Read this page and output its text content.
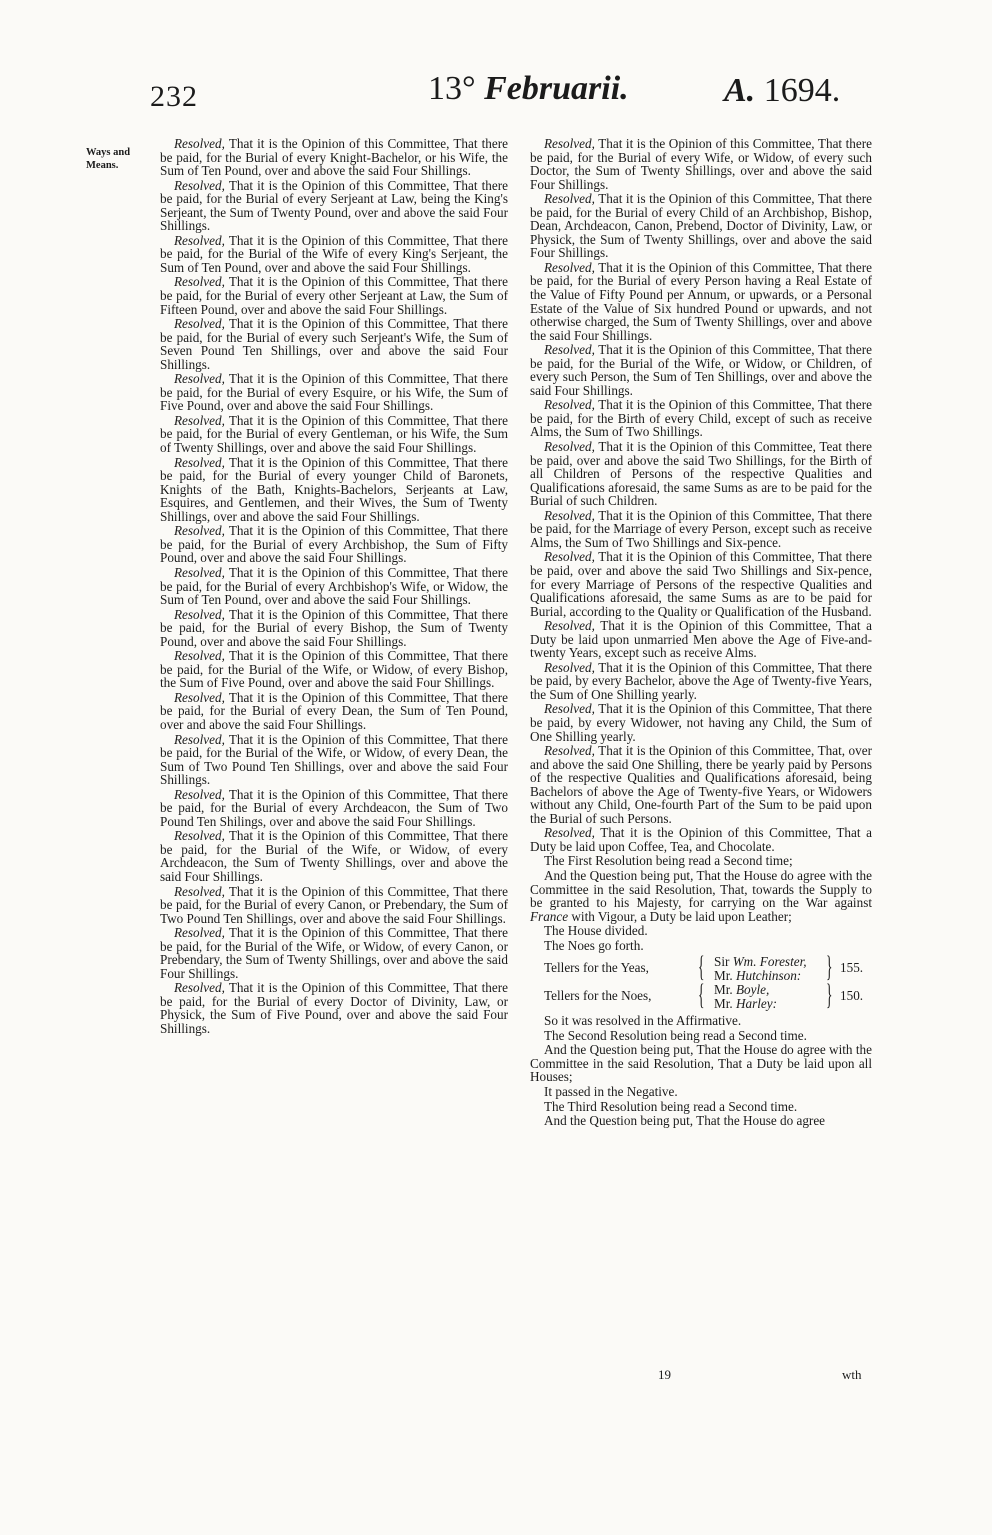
232	13° Februarii.	A. 1694.
Ways and Means.

Resolved, That it is the Opinion of this Committee, That there be paid, for the Burial of every Knight-Bachelor, or his Wife, the Sum of Ten Pound, over and above the said Four Shillings.

Resolved, That it is the Opinion of this Committee, That there be paid, for the Burial of every Serjeant at Law, being the King's Serjeant, the Sum of Twenty Pound, over and above the said Four Shillings.

Resolved, That it is the Opinion of this Committee, That there be paid, for the Burial of the Wife of every King's Serjeant, the Sum of Ten Pound, over and above the said Four Shillings.

Resolved, That it is the Opinion of this Committee, That there be paid, for the Burial of every other Serjeant at Law, the Sum of Fifteen Pound, over and above the said Four Shillings.

Resolved, That it is the Opinion of this Committee, That there be paid, for the Burial of every such Serjeant's Wife, the Sum of Seven Pound Ten Shillings, over and above the said Four Shillings.

Resolved, That it is the Opinion of this Committee, That there be paid, for the Burial of every Esquire, or his Wife, the Sum of Five Pound, over and above the said Four Shillings.

Resolved, That it is the Opinion of this Committee, That there be paid, for the Burial of every Gentleman, or his Wife, the Sum of Twenty Shillings, over and above the said Four Shillings.

Resolved, That it is the Opinion of this Committee, That there be paid, for the Burial of every younger Child of Baronets, Knights of the Bath, Knights-Bachelors, Serjeants at Law, Esquires, and Gentlemen, and their Wives, the Sum of Twenty Shillings, over and above the said Four Shillings.

Resolved, That it is the Opinion of this Committee, That there be paid, for the Burial of every Archbishop, the Sum of Fifty Pound, over and above the said Four Shillings.

Resolved, That it is the Opinion of this Committee, That there be paid, for the Burial of every Archbishop's Wife, or Widow, the Sum of Ten Pound, over and above the said Four Shillings.

Resolved, That it is the Opinion of this Committee, That there be paid, for the Burial of every Bishop, the Sum of Twenty Pound, over and above the said Four Shillings.

Resolved, That it is the Opinion of this Committee, That there be paid, for the Burial of the Wife, or Widow, of every Bishop, the Sum of Five Pound, over and above the said Four Shillings.

Resolved, That it is the Opinion of this Committee, That there be paid, for the Burial of every Dean, the Sum of Ten Pound, over and above the said Four Shillings.

Resolved, That it is the Opinion of this Committee, That there be paid, for the Burial of the Wife, or Widow, of every Dean, the Sum of Two Pound Ten Shillings, over and above the said Four Shillings.

Resolved, That it is the Opinion of this Committee, That there be paid, for the Burial of every Archdeacon, the Sum of Two Pound Ten Shilings, over and above the said Four Shillings.

Resolved, That it is the Opinion of this Committee, That there be paid, for the Burial of the Wife, or Widow, of every Archdeacon, the Sum of Twenty Shillings, over and above the said Four Shillings.

Resolved, That it is the Opinion of this Committee, That there be paid, for the Burial of every Canon, or Prebendary, the Sum of Two Pound Ten Shillings, over and above the said Four Shillings.

Resolved, That it is the Opinion of this Committee, That there be paid, for the Burial of the Wife, or Widow, of every Canon, or Prebendary, the Sum of Twenty Shillings, over and above the said Four Shillings.

Resolved, That it is the Opinion of this Committee, That there be paid, for the Burial of every Doctor of Divinity, Law, or Physick, the Sum of Five Pound, over and above the said Four Shillings.

Resolved, That it is the Opinion of this Committee, That there be paid, for the Burial of every Wife, or Widow, of every such Doctor, the Sum of Twenty Shillings, over and above the said Four Shillings.

Resolved, That it is the Opinion of this Committee, That there be paid, for the Burial of every Child of an Archbishop, Bishop, Dean, Archdeacon, Canon, Prebend, Doctor of Divinity, Law, or Physick, the Sum of Twenty Shillings, over and above the said Four Shillings.

Resolved, That it is the Opinion of this Committee, That there be paid, for the Burial of every Person having a Real Estate of the Value of Fifty Pound per Annum, or upwards, or a Personal Estate of the Value of Six hundred Pound or upwards, and not otherwise charged, the Sum of Twenty Shillings, over and above the said Four Shillings.

Resolved, That it is the Opinion of this Committee, That there be paid, for the Burial of the Wife, or Widow, or Children, of every such Person, the Sum of Ten Shillings, over and above the said Four Shillings.

Resolved, That it is the Opinion of this Committee, That there be paid, for the Birth of every Child, except of such as receive Alms, the Sum of Two Shillings.

Resolved, That it is the Opinion of this Committee, Teat there be paid, over and above the said Two Shillings, for the Birth of all Children of Persons of the respective Qualities and Qualifications aforesaid, the same Sums as are to be paid for the Burial of such Children.

Resolved, That it is the Opinion of this Committee, That there be paid, for the Marriage of every Person, except such as receive Alms, the Sum of Two Shillings and Six-pence.

Resolved, That it is the Opinion of this Committee, That there be paid, over and above the said Two Shillings and Six-pence, for every Marriage of Persons of the respective Qualities and Qualifications aforesaid, the same Sums as are to be paid for Burial, according to the Quality or Qualification of the Husband.

Resolved, That it is the Opinion of this Committee, That a Duty be laid upon unmarried Men above the Age of Five-and-twenty Years, except such as receive Alms.

Resolved, That it is the Opinion of this Committee, That there be paid, by every Bachelor, above the Age of Twenty-five Years, the Sum of One Shilling yearly.

Resolved, That it is the Opinion of this Committee, That there be paid, by every Widower, not having any Child, the Sum of One Shilling yearly.

Resolved, That it is the Opinion of this Committee, That, over and above the said One Shilling, there be yearly paid by Persons of the respective Qualities and Qualifications aforesaid, being Bachelors of above the Age of Twenty-five Years, or Widowers without any Child, One-fourth Part of the Sum to be paid upon the Burial of such Persons.

Resolved, That it is the Opinion of this Committee, That a Duty be laid upon Coffee, Tea, and Chocolate.

The First Resolution being read a Second time;

And the Question being put, That the House do agree with the Committee in the said Resolution, That, towards the Supply to be granted to his Majesty, for carrying on the War against France with Vigour, a Duty be laid upon Leather;

The House divided.

The Noes go forth.

Tellers for the Yeas, { Sir Wm. Forester,
Mr. Hutchinson: } 155.
Tellers for the Noes, { Mr. Boyle,
Mr. Harley: } 150.

So it was resolved in the Affirmative.

The Second Resolution being read a Second time.

And the Question being put, That the House do agree with the Committee in the said Resolution, That a Duty be laid upon all Houses;

It passed in the Negative.

The Third Resolution being read a Second time.

And the Question being put, That the House do agree

19	wth
